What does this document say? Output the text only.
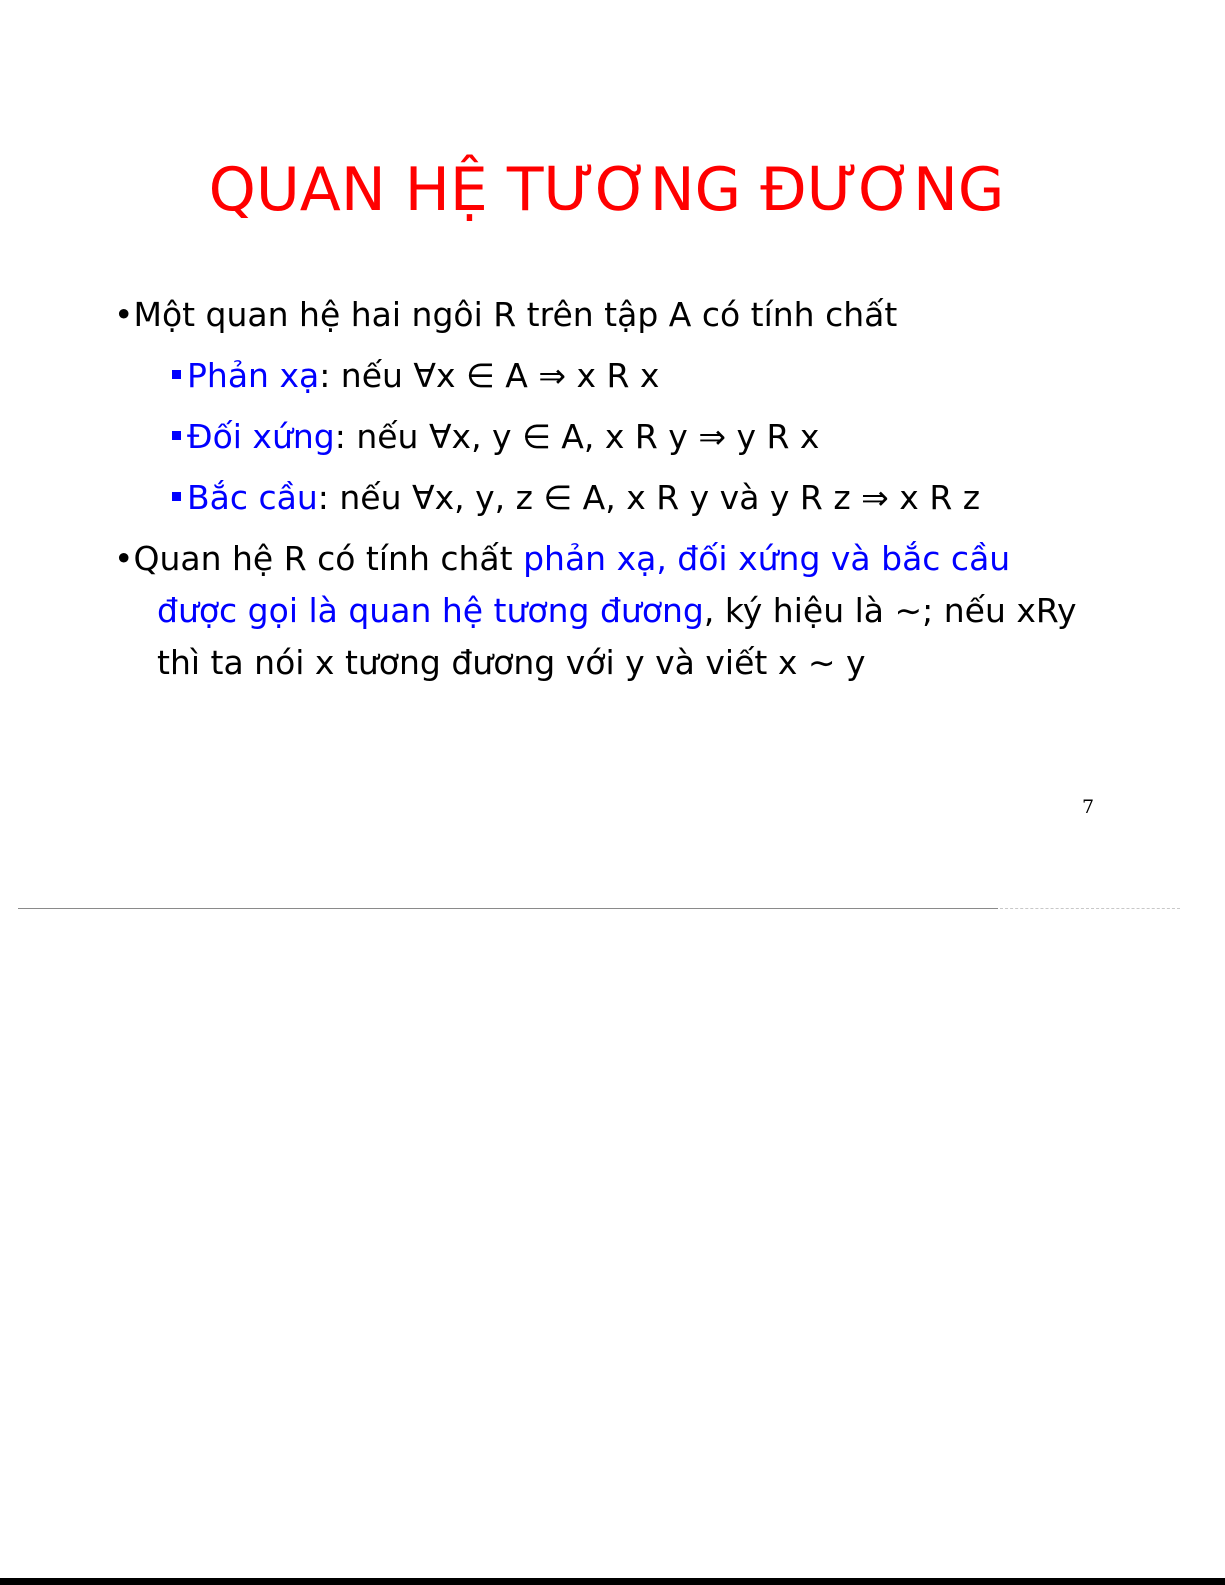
QUAN HỆ TƯƠNG ĐƯƠNG
•Một quan hệ hai ngôi R trên tập A có tính chất
Phản xạ: nếu ∀x ∈ A ⇒ x R x
Đối xứng: nếu ∀x, y ∈ A, x R y ⇒ y R x
Bắc cầu: nếu ∀x, y, z ∈ A, x R y và y R z ⇒ x R z
•Quan hệ R có tính chất phản xạ, đối xứng và bắc cầu
được gọi là quan hệ tương đương, ký hiệu là ∼; nếu xRy
thì ta nói x tương đương với y và viết x ∼ y
7
